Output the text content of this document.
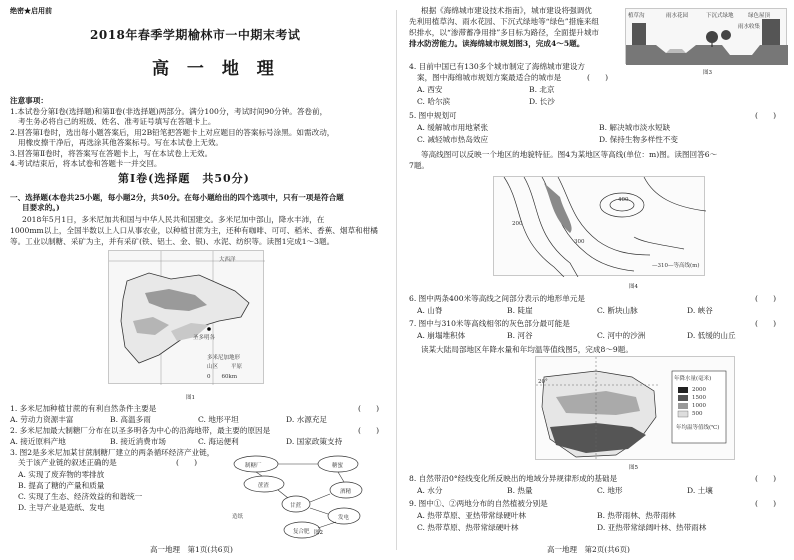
绝密★启用前
2018年春季学期榆林市一中期末考试
高 一 地 理
注意事项：
1.本试卷分第Ⅰ卷(选择题)和第Ⅱ卷(非选择题)两部分。满分100分，考试时间90分钟。答卷前，
考生务必将自己的班级、姓名、准考证号填写在答题卡上。
2.回答第Ⅰ卷时，选出每小题答案后，用2B铅笔把答题卡上对应题目的答案标号涂黑。如需改动，
用橡皮擦干净后，再选涂其他答案标号。写在本试卷上无效。
3.回答第Ⅱ卷时，将答案写在答题卡上，写在本试卷上无效。
4.考试结束后，将本试卷和答题卡一并交回。
第Ⅰ卷(选择题　共50分)
一、选择题(本卷共25小题，每小题2分，共50分。在每小题给出的四个选项中，只有一项是符合题
目要求的。)
2018年5月1日，多米尼加共和国与中华人民共和国建交。多米尼加中部山，降水丰沛，在
1000mm以上，全国半数以上人口从事农业，以种植甘蔗为主，还种有咖啡、可可、稻米、香蕉、烟草和柑橘
等。工业以制糖、采矿为主，并有采矿(铁、铝土、金、银)、水泥、纺织等。读图1完成1～3题。
大西洋
圣多明各
多米尼加地形
山区 平原
0　　60km
图1
1. 多米尼加种植甘蔗的有利自然条件主要是	(　　)
A. 劳动力资源丰富	B. 高温多雨	C. 地形平坦	D. 水源充足
2. 多米尼加最大制糖厂分布在以圣多明各为中心的沿海地带，最主要的原因是	(　　)
A. 接近原料产地	B. 接近消费市场	C. 海运便利	D. 国家政策支持
3. 图2是多米尼加某甘蔗制糖厂建立的两条循环经济产业链，
关于该产业链的叙述正确的是	(　　)
A. 实现了废弃物的零排放
B. 提高了糖的产量和质量
C. 实现了生态、经济效益的和谐统一
D. 主导产业是造纸、发电
制糖厂
甘蔗
糖蜜
酒精
蔗渣
发电
造纸
复合肥 图2
高一地理　第1页(共6页)
根据《海绵城市建设技术指南》，城市建设将强调优
先利用植草沟、雨水花园、下沉式绿地等“绿色”措施来组
织排水，以“渗滞蓄净用排”多目标为路径，全面提升城市
排水防涝能力。读海绵城市规划图3，完成4～5题。
植草沟	雨水花园	下沉式绿地
雨水收集
绿色屋顶
图3
4. 目前中国已有130多个城市制定了海绵城市建设方
案，图中海绵城市规划方案最适合的城市是	(　　)
A. 西安	B. 北京
C. 哈尔滨	D. 长沙
5. 图中规划可	(　　)
A. 缓解城市用地紧张	B. 解决城市淡水短缺
C. 减轻城市热岛效应	D. 保持生物多样性不变
等高线图可以反映一个地区的地貌特征。图4为某地区等高线(单位：m)图。读图回答6～
7题。
400
300
200
—310—等高线(m)
图4
6. 图中两条400米等高线之间部分表示的地形单元是	(　　)
A. 山脊	B. 陡崖	C. 断块山脉	D. 峡谷
7. 图中与310米等高线相邻的灰色部分最可能是	(　　)
A. 崩塌堆积体	B. 河谷	C. 河中的沙洲	D. 低缓的山丘
读某大陆局部地区年降水量和年均温等值线图5，完成8～9题。
20°	年降水量(毫米)
2000
1500
1000
500
年均温等值线(℃)
图5
8. 自然带沿0°经线变化所反映出的地域分异规律形成的基础是	(　　)
A. 水分	B. 热量	C. 地形	D. 土壤
9. 图中①、②两地分布的自然植被分别是	(　　)
A. 热带草原、亚热带常绿硬叶林	B. 热带雨林、热带雨林
C. 热带草原、热带常绿硬叶林	D. 亚热带常绿阔叶林、热带雨林
高一地理　第2页(共6页)
